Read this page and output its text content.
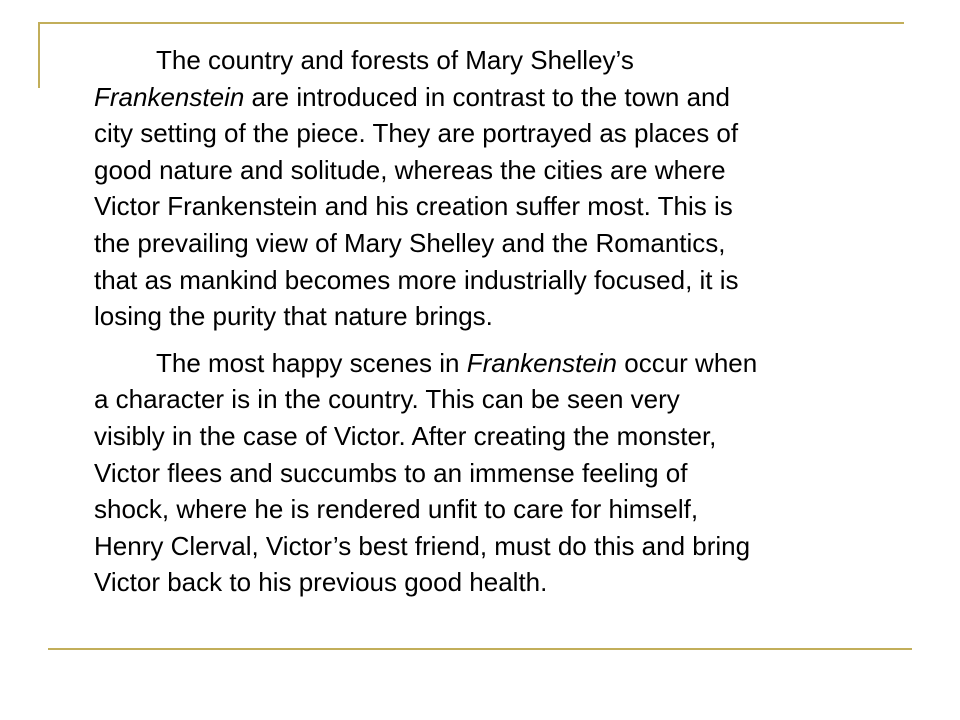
The country and forests of Mary Shelley’s
Frankenstein are introduced in contrast to the town and
city setting of the piece. They are portrayed as places of
good nature and solitude, whereas the cities are where
Victor Frankenstein and his creation suffer most. This is
the prevailing view of Mary Shelley and the Romantics,
that as mankind becomes more industrially focused, it is
losing the purity that nature brings.

The most happy scenes in Frankenstein occur when
a character is in the country. This can be seen very
visibly in the case of Victor. After creating the monster,
Victor flees and succumbs to an immense feeling of
shock, where he is rendered unfit to care for himself,
Henry Clerval, Victor’s best friend, must do this and bring
Victor back to his previous good health.
